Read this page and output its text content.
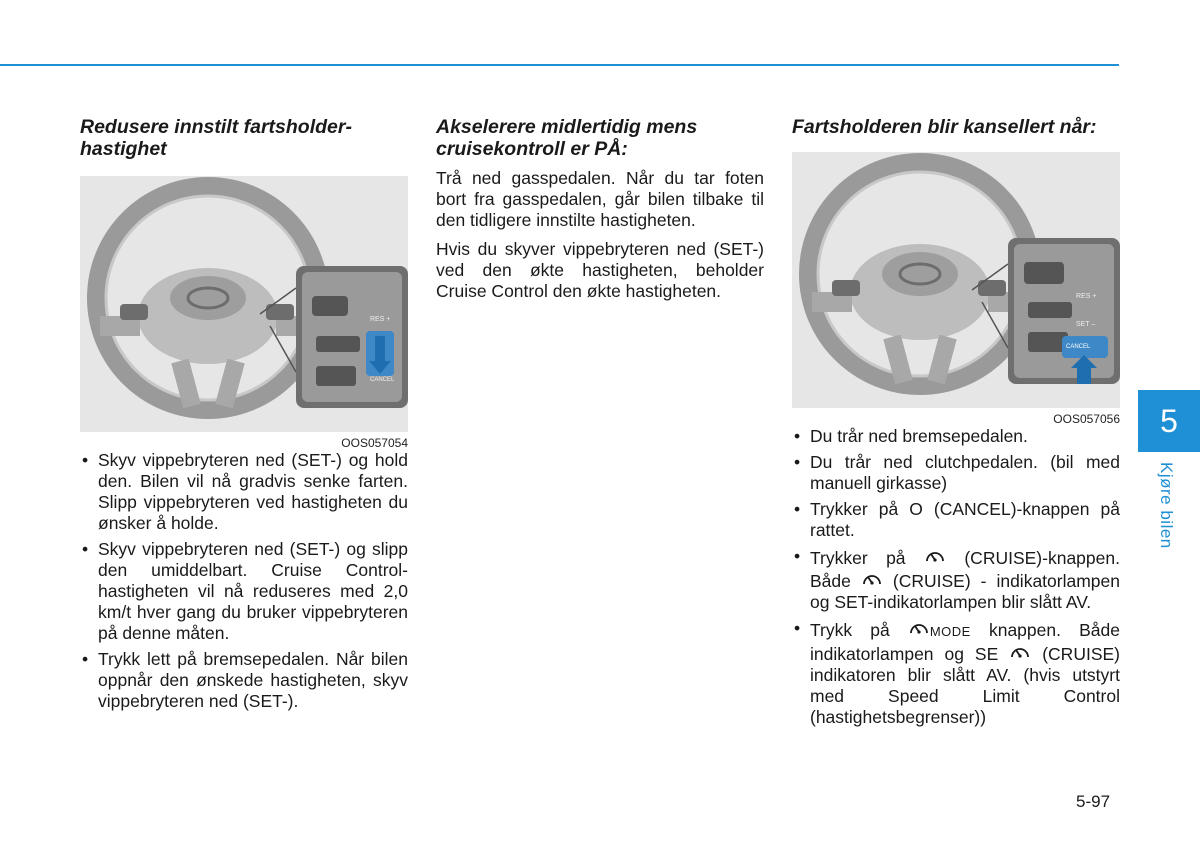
Redusere innstilt fartsholder-hastighet
RES +
CANCEL
OOS057054
• Skyv vippebryteren ned (SET-) og hold den. Bilen vil nå gradvis senke farten. Slipp vippebryteren ved hastigheten du ønsker å holde.
• Skyv vippebryteren ned (SET-) og slipp den umiddelbart. Cruise Control-hastigheten vil nå reduseres med 2,0 km/t hver gang du bruker vippebryteren på denne måten.
• Trykk lett på bremsepedalen. Når bilen oppnår den ønskede hastigheten, skyv vippebryteren ned (SET-).
Akselerere midlertidig mens cruisekontroll er PÅ:

Trå ned gasspedalen. Når du tar foten bort fra gasspedalen, går bilen tilbake til den tidligere innstilte hastigheten.

Hvis du skyver vippebryteren ned (SET-) ved den økte hastigheten, beholder Cruise Control den økte hastigheten.

Fartsholderen blir kansellert når:
RES +
SET –
CANCEL
OOS057056
• Du trår ned bremsepedalen.
• Du trår ned clutchpedalen. (bil med manuell girkasse)
• Trykker på O (CANCEL)-knappen på rattet.
• Trykker på	(CRUISE)-knappen. Både (CRUISE) - indikatorlampen og SET-indikatorlampen blir slått AV.
• Trykk på	MODE knappen. Både indikatorlampen og SE	(CRUISE) indikatoren blir slått AV. (hvis utstyrt med Speed Limit Control (hastighetsbegrenser))
5
Kjøre bilen
5-97
